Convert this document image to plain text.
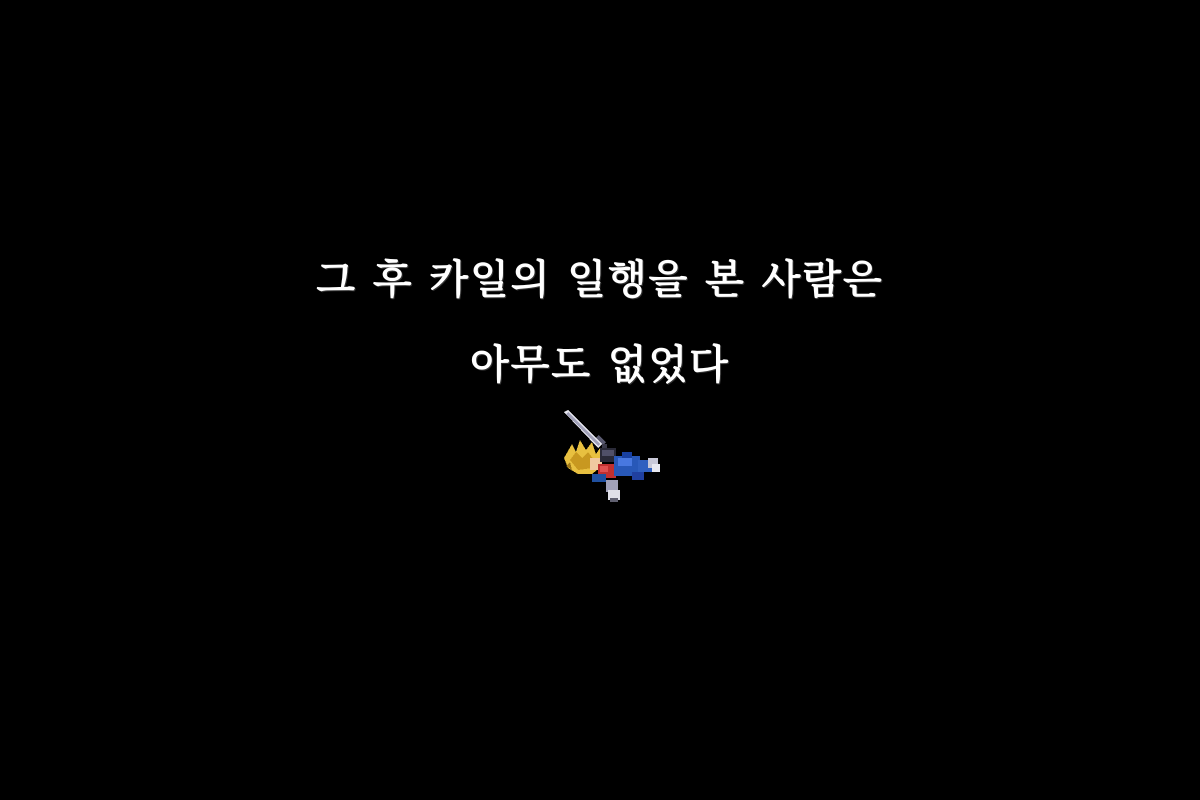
그 후 카일의 일행을 본 사람은
아무도 없었다
